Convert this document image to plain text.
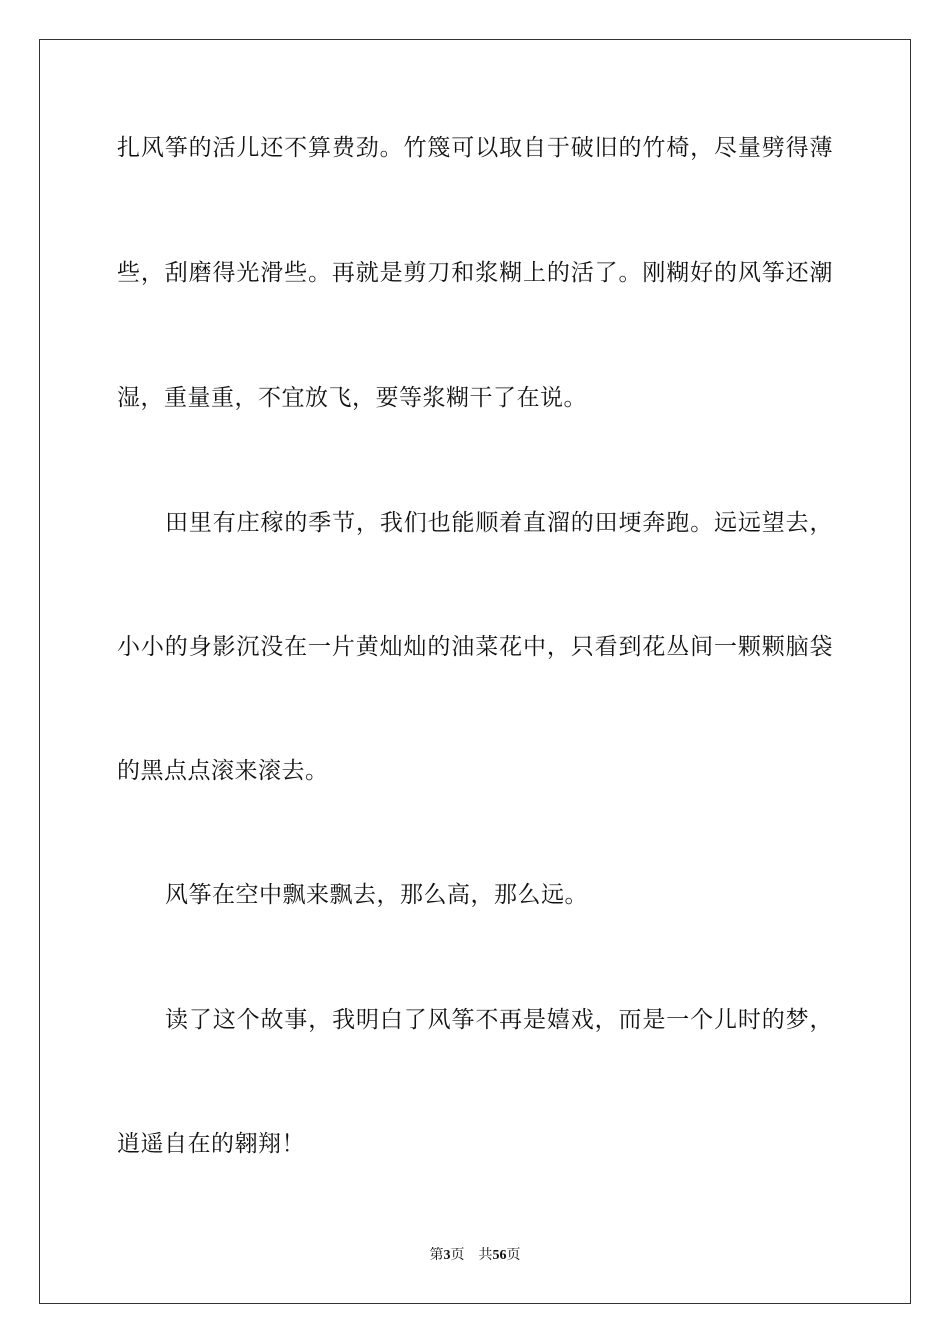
扎风筝的活儿还不算费劲。竹篾可以取自于破旧的竹椅，尽量劈得薄
些，刮磨得光滑些。再就是剪刀和浆糊上的活了。刚糊好的风筝还潮
湿，重量重，不宜放飞，要等浆糊干了在说。
田里有庄稼的季节，我们也能顺着直溜的田埂奔跑。远远望去，
小小的身影沉没在一片黄灿灿的油菜花中，只看到花丛间一颗颗脑袋
的黑点点滚来滚去。
风筝在空中飘来飘去，那么高，那么远。
读了这个故事，我明白了风筝不再是嬉戏，而是一个儿时的梦，
逍遥自在的翱翔！
第3页 共56页
